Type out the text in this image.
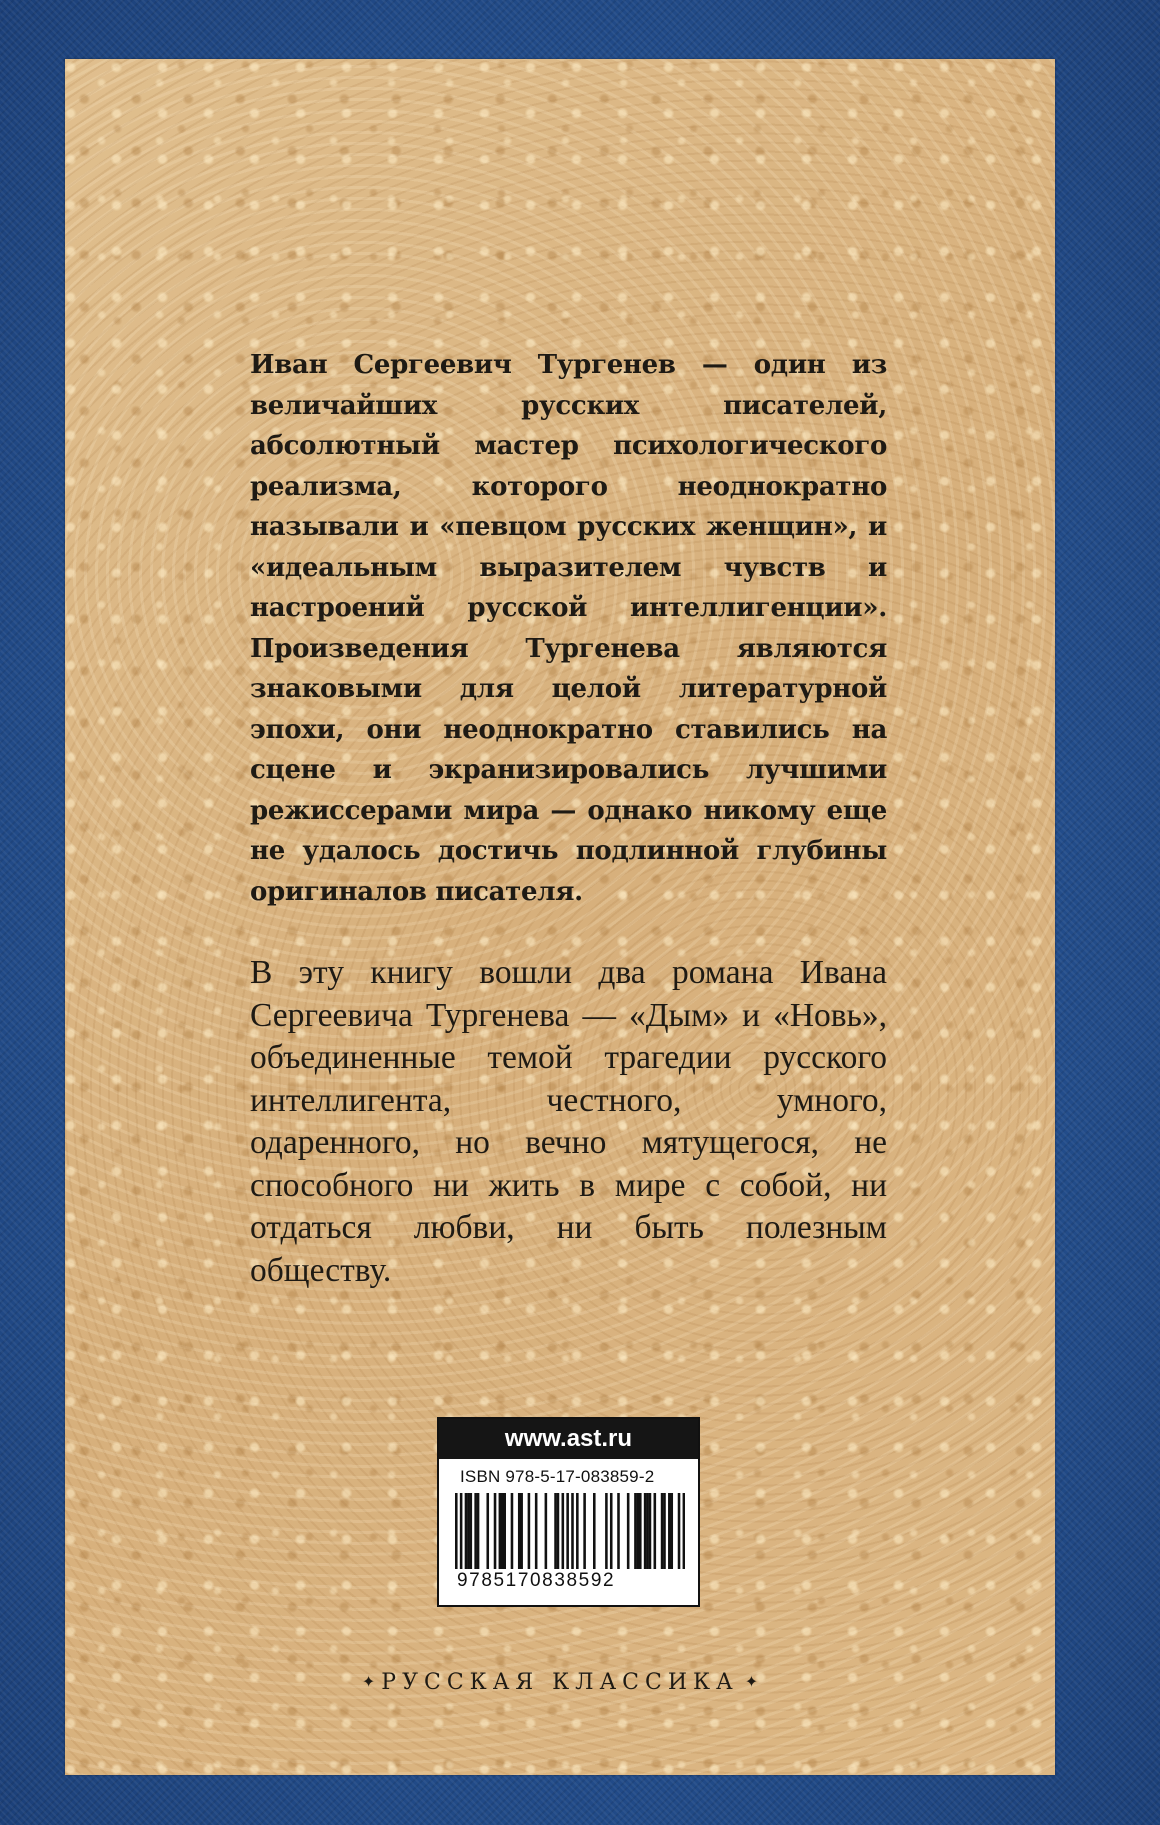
Иван Сергеевич Тургенев — один из величайших русских писателей, абсолютный мастер психологического реализма, которого неоднократно называли и «певцом русских женщин», и «идеальным выразителем чувств и настроений русской интеллигенции». Произведения Тургенева являются знаковыми для целой литературной эпохи, они неоднократно ставились на сцене и экранизировались лучшими режиссерами мира — однако никому еще не удалось достичь подлинной глубины оригиналов писателя.

В эту книгу вошли два романа Ивана Сергеевича Тургенева — «Дым» и «Новь», объединенные темой трагедии русского интеллигента, честного, умного, одаренного, но вечно мятущегося, не способного ни жить в мире с собой, ни отдаться любви, ни быть полезным обществу.

www.ast.ru
ISBN 978-5-17-083859-2
9785170838592
✦ РУССКАЯ КЛАССИКА ✦
